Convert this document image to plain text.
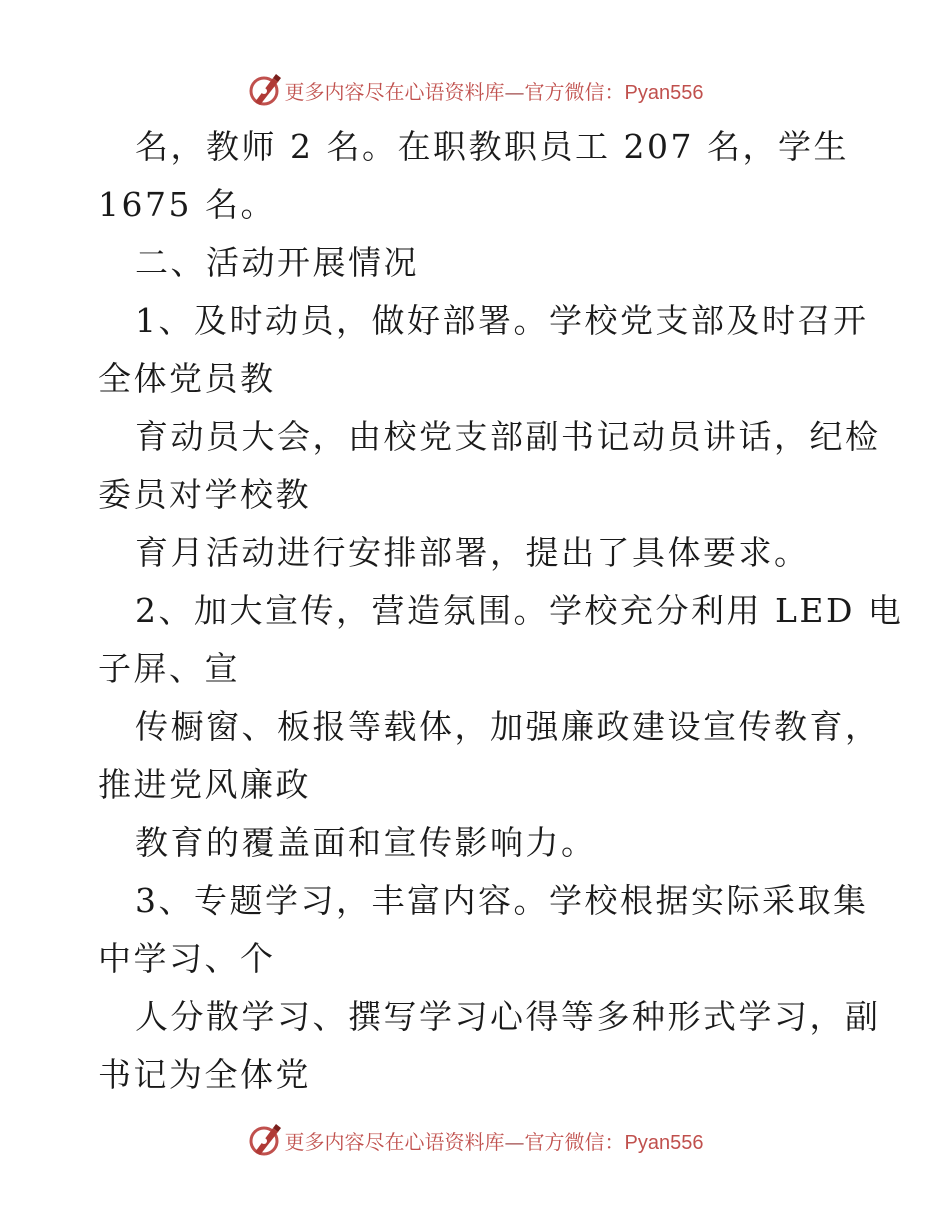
更多内容尽在心语资料库—官方微信：Pyan556
名，教师 2 名。在职教职员工 207 名，学生
1675 名。
二、活动开展情况
1、及时动员，做好部署。学校党支部及时召开
全体党员教
育动员大会，由校党支部副书记动员讲话，纪检
委员对学校教
育月活动进行安排部署，提出了具体要求。
2、加大宣传，营造氛围。学校充分利用 LED 电
子屏、宣
传橱窗、板报等载体，加强廉政建设宣传教育，
推进党风廉政
教育的覆盖面和宣传影响力。
3、专题学习，丰富内容。学校根据实际采取集
中学习、个
人分散学习、撰写学习心得等多种形式学习，副
书记为全体党
更多内容尽在心语资料库—官方微信：Pyan556
